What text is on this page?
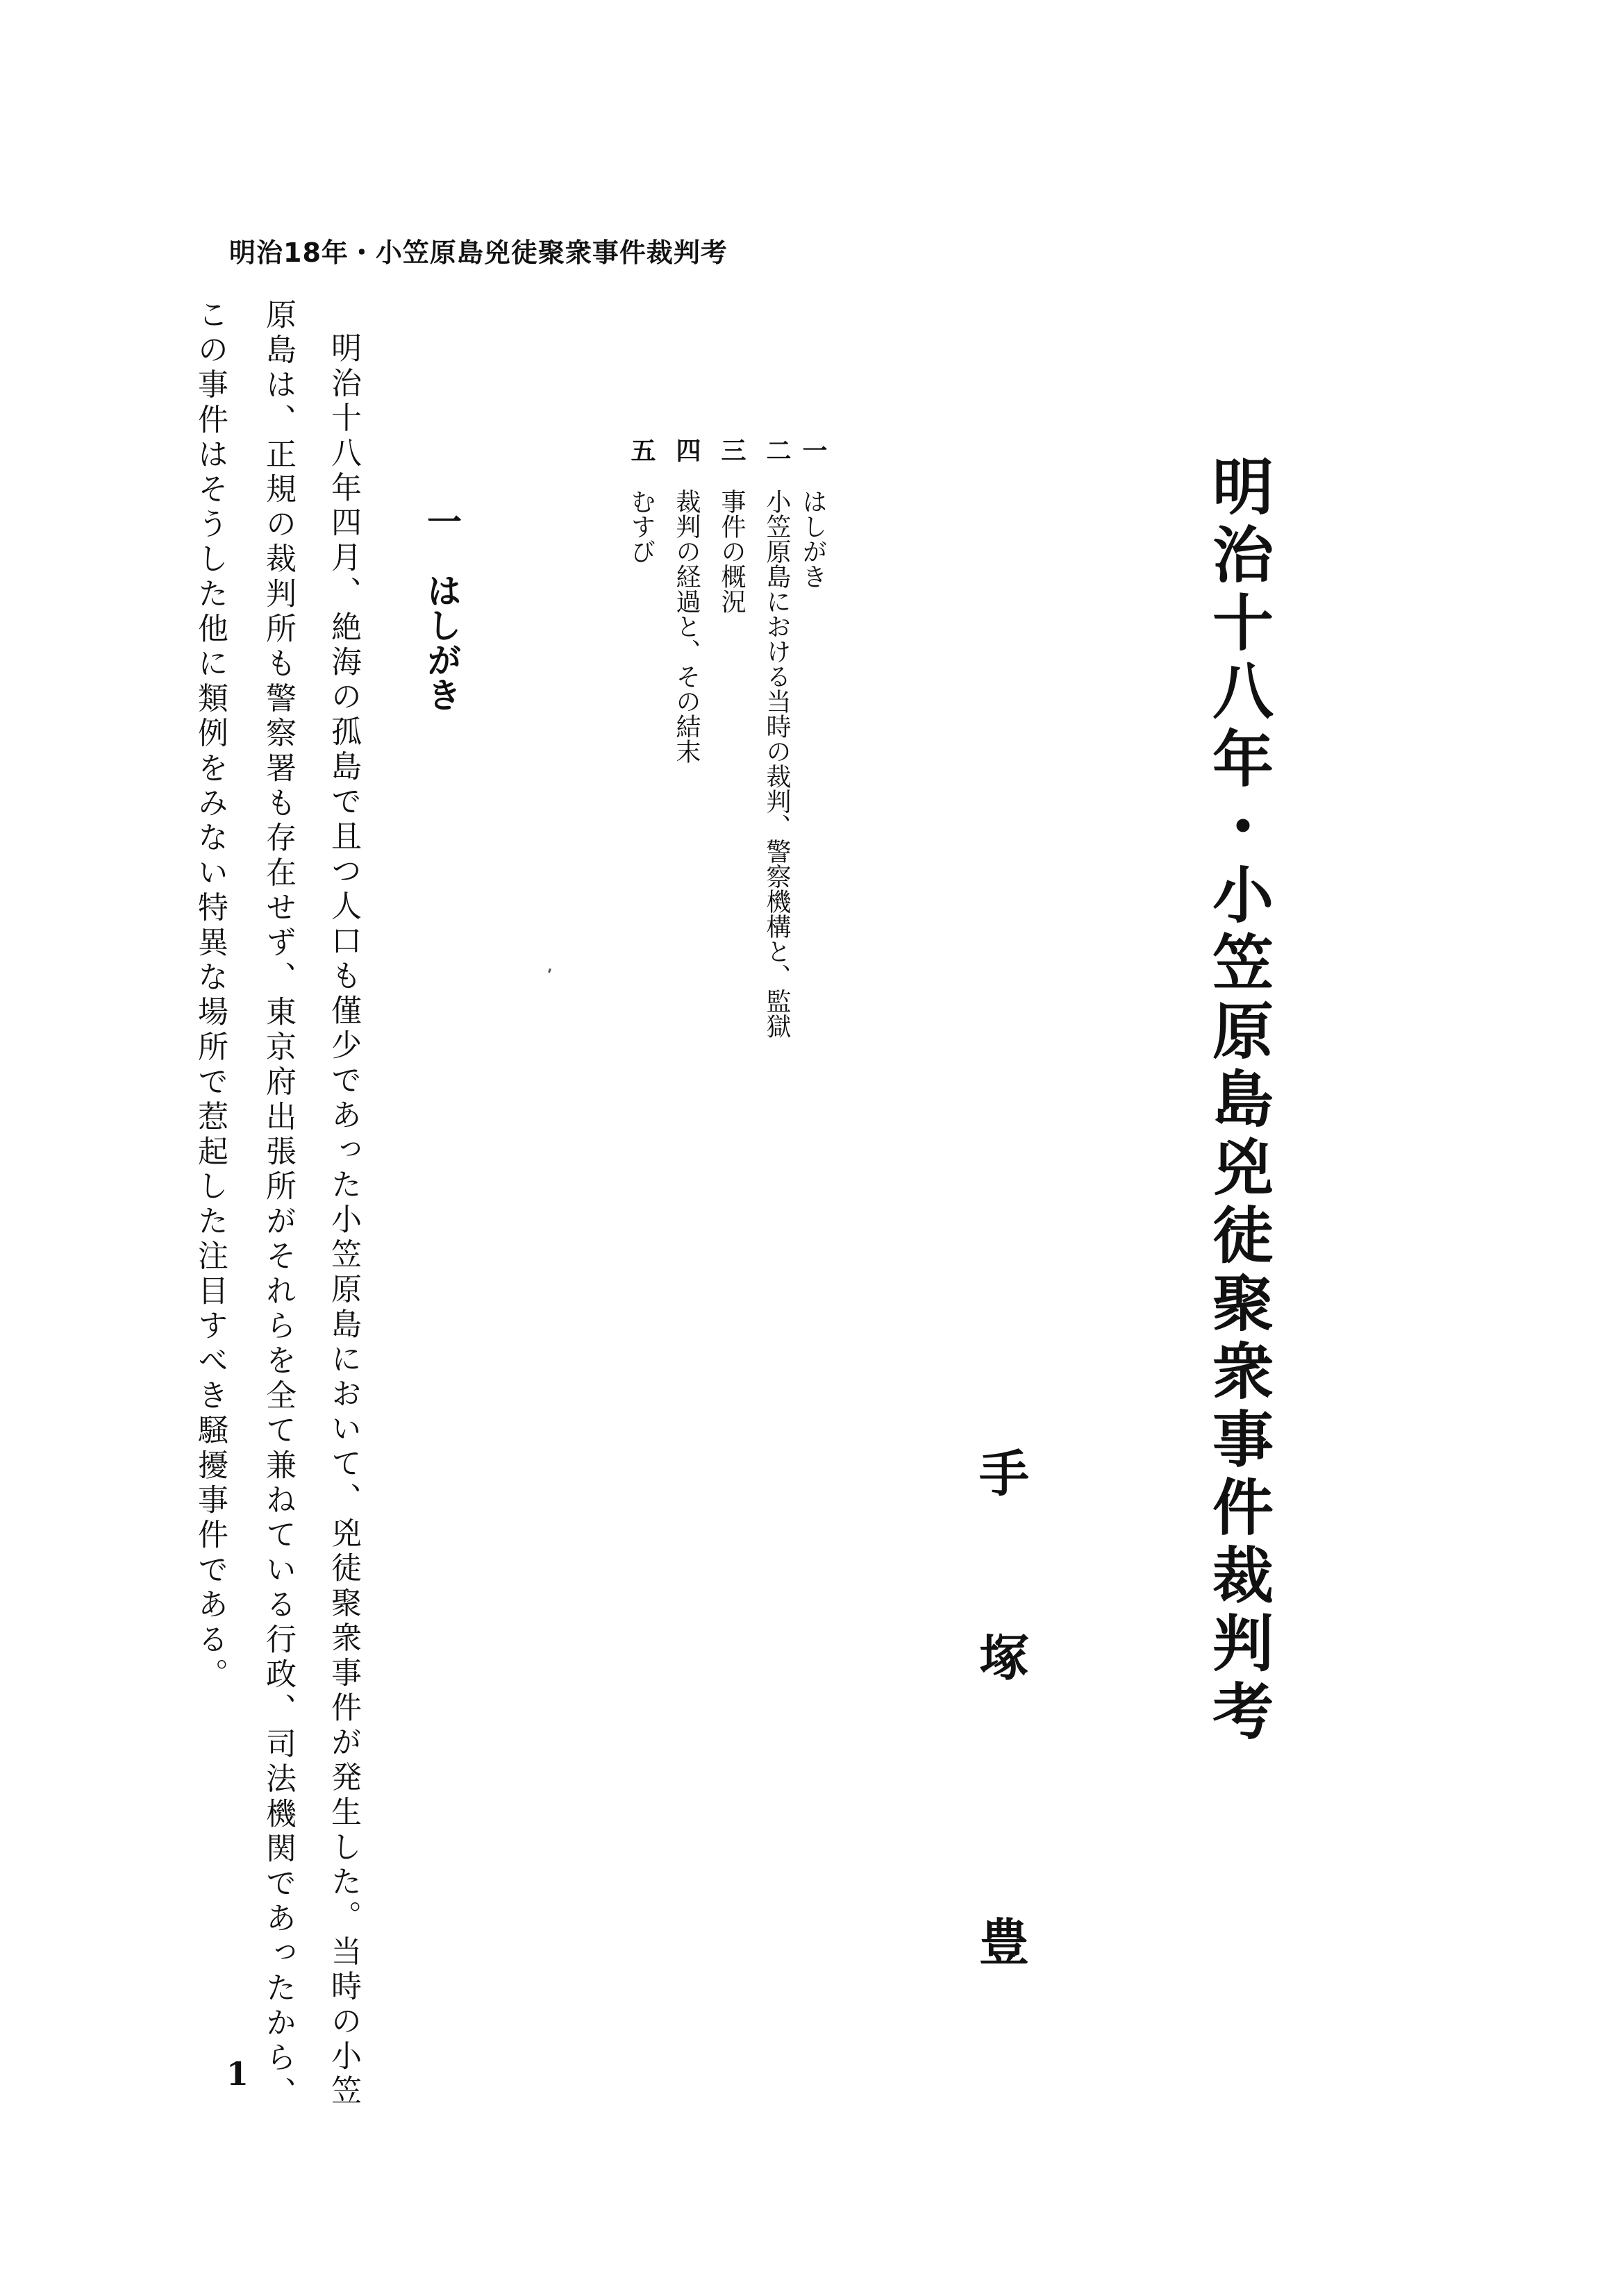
明治18年・小笠原島兇徒聚衆事件裁判考
明治十八年・小笠原島兇徒聚衆事件裁判考
手
塚
豊
一はしがき
二小笠原島における当時の裁判、警察機構と、監獄
三事件の概況
四裁判の経過と、その結末
五むすび
一はしがき
明治十八年四月、絶海の孤島で且つ人口も僅少であった小笠原島において、兇徒聚衆事件が発生した。当時の小笠
原島は、正規の裁判所も警察署も存在せず、東京府出張所がそれらを全て兼ねている行政、司法機関であったから、
この事件はそうした他に類例をみない特異な場所で惹起した注目すべき騒擾事件である。
1
